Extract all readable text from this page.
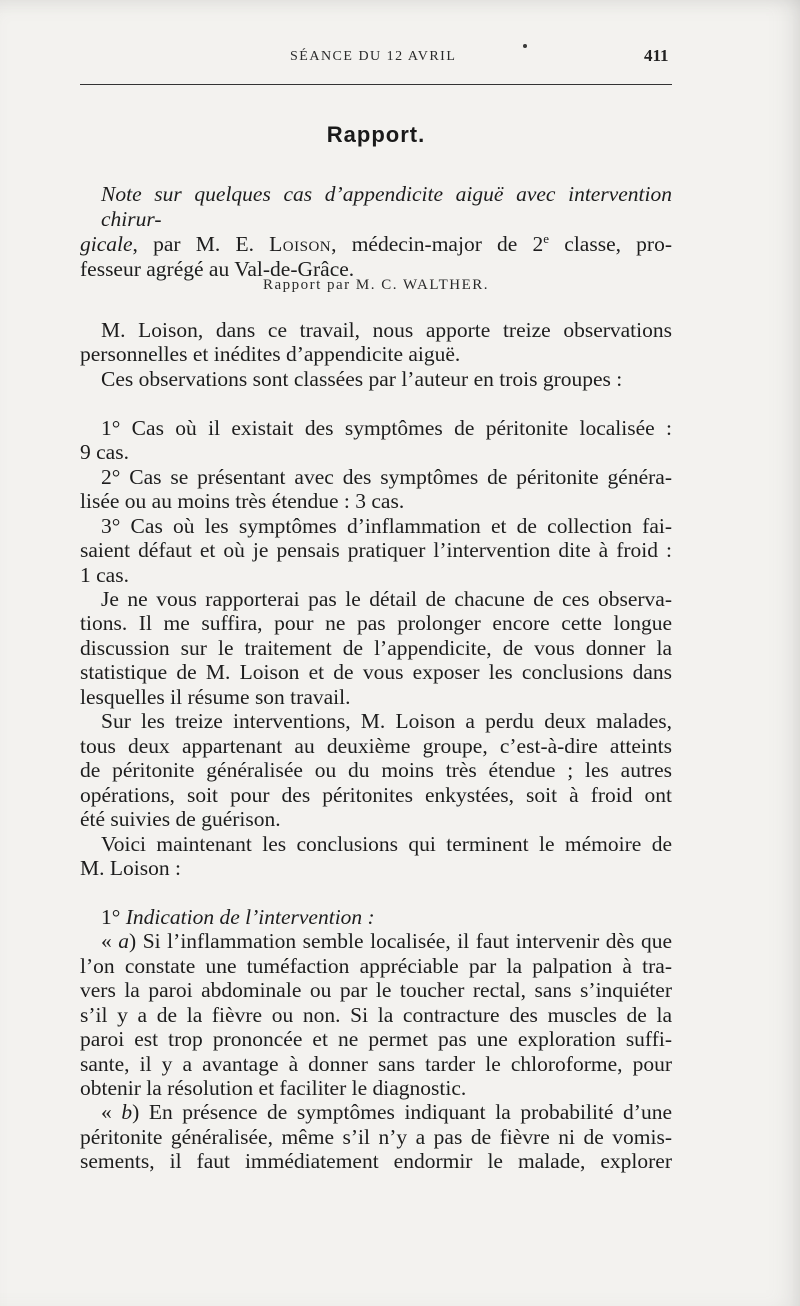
SÉANCE DU 12 AVRIL	411
Rapport.
Note sur quelques cas d’appendicite aiguë avec intervention chirur-
gicale, par M. E. Loison, médecin-major de 2e classe, pro-
fesseur agrégé au Val-de-Grâce.
Rapport par M. C. WALTHER.
M. Loison, dans ce travail, nous apporte treize observations
personnelles et inédites d’appendicite aiguë.
Ces observations sont classées par l’auteur en trois groupes :
1° Cas où il existait des symptômes de péritonite localisée :
9 cas.
2° Cas se présentant avec des symptômes de péritonite généra-
lisée ou au moins très étendue : 3 cas.
3° Cas où les symptômes d’inflammation et de collection fai-
saient défaut et où je pensais pratiquer l’intervention dite à froid :
1 cas.
Je ne vous rapporterai pas le détail de chacune de ces observa-
tions. Il me suffira, pour ne pas prolonger encore cette longue
discussion sur le traitement de l’appendicite, de vous donner la
statistique de M. Loison et de vous exposer les conclusions dans
lesquelles il résume son travail.
Sur les treize interventions, M. Loison a perdu deux malades,
tous deux appartenant au deuxième groupe, c’est-à-dire atteints
de péritonite généralisée ou du moins très étendue ; les autres
opérations, soit pour des péritonites enkystées, soit à froid ont
été suivies de guérison.
Voici maintenant les conclusions qui terminent le mémoire de
M. Loison :
1° Indication de l’intervention :
« a) Si l’inflammation semble localisée, il faut intervenir dès que
l’on constate une tuméfaction appréciable par la palpation à tra-
vers la paroi abdominale ou par le toucher rectal, sans s’inquiéter
s’il y a de la fièvre ou non. Si la contracture des muscles de la
paroi est trop prononcée et ne permet pas une exploration suffi-
sante, il y a avantage à donner sans tarder le chloroforme, pour
obtenir la résolution et faciliter le diagnostic.
« b) En présence de symptômes indiquant la probabilité d’une
péritonite généralisée, même s’il n’y a pas de fièvre ni de vomis-
sements, il faut immédiatement endormir le malade, explorer
